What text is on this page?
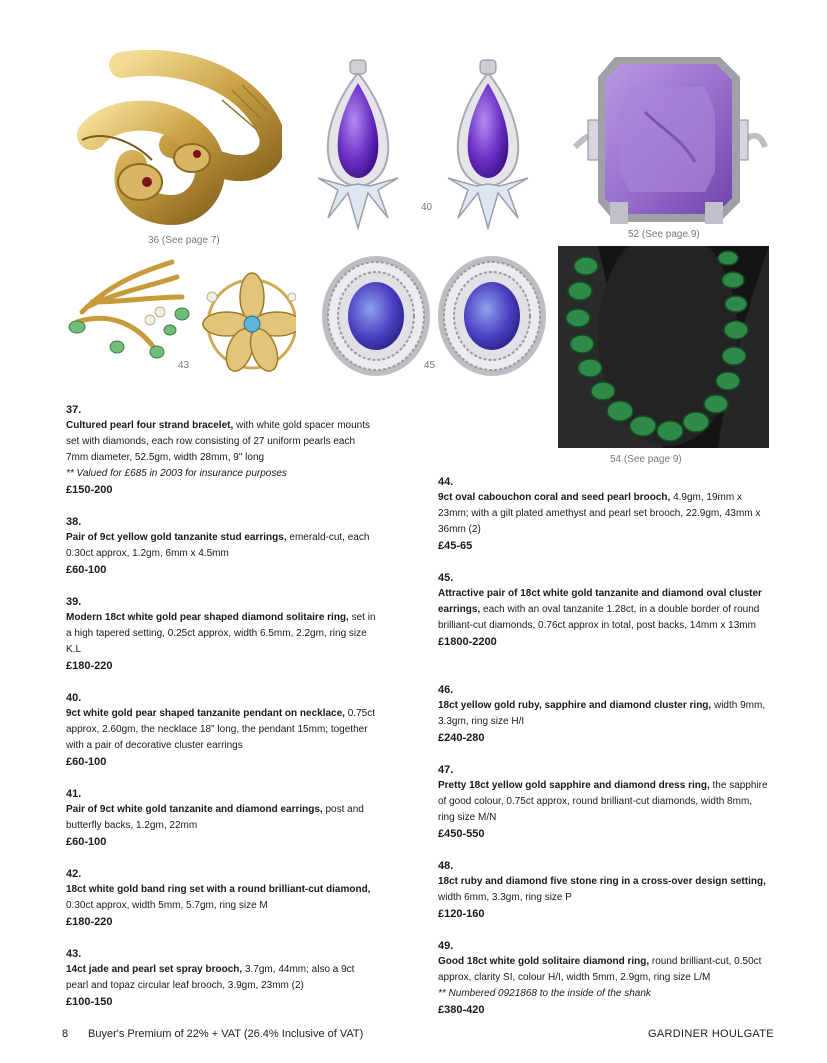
36 (See page 7)
40
52 (See page 9)
43	45
54 (See page 9)
37.
Cultured pearl four strand bracelet, with white gold spacer mounts set with diamonds, each row consisting of 27 uniform pearls each 7mm diameter, 52.5gm, width 28mm, 9" long
** Valued for £685 in 2003 for insurance purposes
£150-200
38.
Pair of 9ct yellow gold tanzanite stud earrings, emerald-cut, each 0.30ct approx, 1.2gm, 6mm x 4.5mm
£60-100
39.
Modern 18ct white gold pear shaped diamond solitaire ring, set in a high tapered setting, 0.25ct approx, width 6.5mm, 2.2gm, ring size K.L
£180-220
40.
9ct white gold pear shaped tanzanite pendant on necklace, 0.75ct approx, 2.60gm, the necklace 18" long, the pendant 15mm; together with a pair of decorative cluster earrings
£60-100
41.
Pair of 9ct white gold tanzanite and diamond earrings, post and butterfly backs, 1.2gm, 22mm
£60-100
42.
18ct white gold band ring set with a round brilliant-cut diamond, 0.30ct approx, width 5mm, 5.7gm, ring size M
£180-220
43.
14ct jade and pearl set spray brooch, 3.7gm, 44mm; also a 9ct pearl and topaz circular leaf brooch, 3.9gm, 23mm (2)
£100-150
44.
9ct oval cabouchon coral and seed pearl brooch, 4.9gm, 19mm x 23mm; with a gilt plated amethyst and pearl set brooch, 22.9gm, 43mm x 36mm (2)
£45-65
45.
Attractive pair of 18ct white gold tanzanite and diamond oval cluster earrings, each with an oval tanzanite 1.28ct, in a double border of round brilliant-cut diamonds, 0.76ct approx in total, post backs, 14mm x 13mm
£1800-2200
46.
18ct yellow gold ruby, sapphire and diamond cluster ring, width 9mm, 3.3gm, ring size H/I
£240-280
47.
Pretty 18ct yellow gold sapphire and diamond dress ring, the sapphire of good colour, 0.75ct approx, round brilliant-cut diamonds, width 8mm, ring size M/N
£450-550
48.
18ct ruby and diamond five stone ring in a cross-over design setting, width 6mm, 3.3gm, ring size P
£120-160
49.
Good 18ct white gold solitaire diamond ring, round brilliant-cut, 0.50ct approx, clarity SI, colour H/I, width 5mm, 2.9gm, ring size L/M
** Numbered 0921868 to the inside of the shank
£380-420
8 Buyer's Premium of 22% + VAT (26.4% Inclusive of VAT)	GARDINER HOULGATE
